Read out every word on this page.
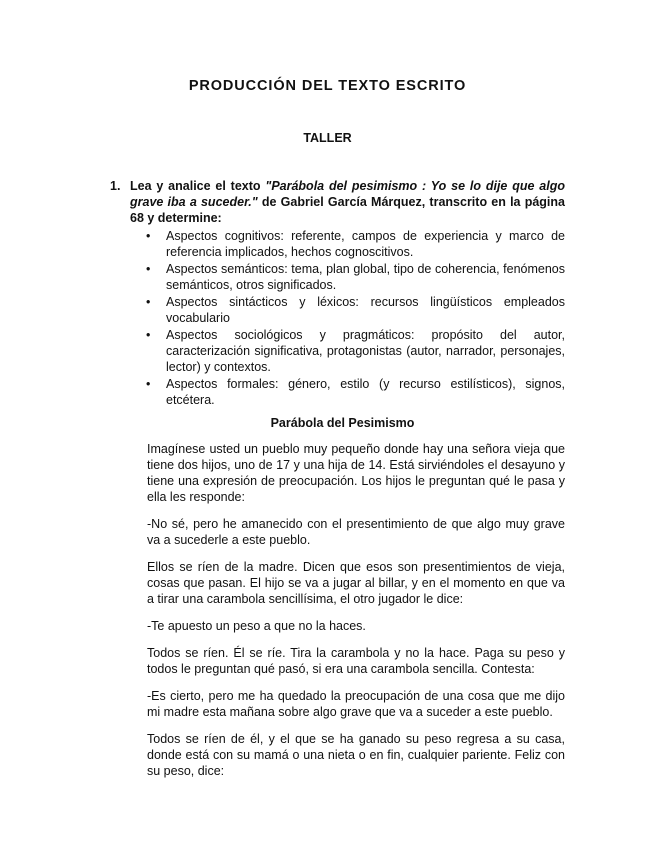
PRODUCCIÓN DEL TEXTO ESCRITO
TALLER
1. Lea y analice el texto "Parábola del pesimismo : Yo se lo dije que algo grave iba a suceder." de Gabriel García Márquez, transcrito en la página 68 y determine:

• Aspectos cognitivos: referente, campos de experiencia y marco de referencia implicados, hechos cognoscitivos.
• Aspectos semánticos: tema, plan global, tipo de coherencia, fenómenos semánticos, otros significados.
• Aspectos sintácticos y léxicos: recursos lingüísticos empleados vocabulario
• Aspectos sociológicos y pragmáticos: propósito del autor, caracterización significativa, protagonistas (autor, narrador, personajes, lector) y contextos.
• Aspectos formales: género, estilo (y recurso estilísticos), signos, etcétera.
Parábola del Pesimismo

Imagínese usted un pueblo muy pequeño donde hay una señora vieja que tiene dos hijos, uno de 17 y una hija de 14. Está sirviéndoles el desayuno y tiene una expresión de preocupación. Los hijos le preguntan qué le pasa y ella les responde:

-No sé, pero he amanecido con el presentimiento de que algo muy grave va a sucederle a este pueblo.

Ellos se ríen de la madre. Dicen que esos son presentimientos de vieja, cosas que pasan. El hijo se va a jugar al billar, y en el momento en que va a tirar una carambola sencillísima, el otro jugador le dice:

-Te apuesto un peso a que no la haces.

Todos se ríen. Él se ríe. Tira la carambola y no la hace. Paga su peso y todos le preguntan qué pasó, si era una carambola sencilla. Contesta:

-Es cierto, pero me ha quedado la preocupación de una cosa que me dijo mi madre esta mañana sobre algo grave que va a suceder a este pueblo.

Todos se ríen de él, y el que se ha ganado su peso regresa a su casa, donde está con su mamá o una nieta o en fin, cualquier pariente. Feliz con su peso, dice:
